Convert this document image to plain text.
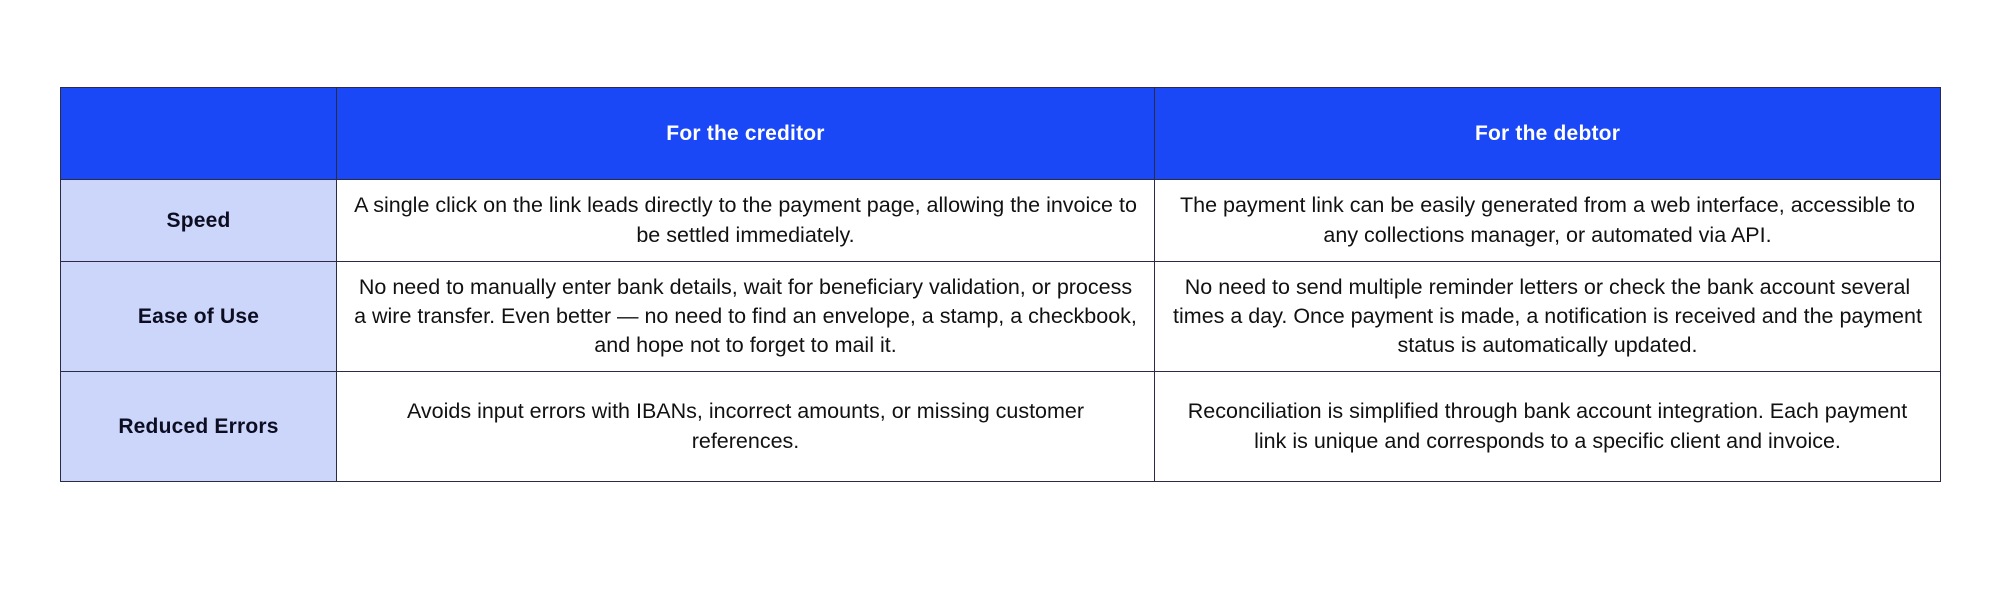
	For the creditor	For the debtor
Speed	A single click on the link leads directly to the payment page, allowing the invoice to be settled immediately.	The payment link can be easily generated from a web interface, accessible to any collections manager, or automated via API.
Ease of Use	No need to manually enter bank details, wait for beneficiary validation, or process a wire transfer. Even better — no need to find an envelope, a stamp, a checkbook, and hope not to forget to mail it.	No need to send multiple reminder letters or check the bank account several times a day. Once payment is made, a notification is received and the payment status is automatically updated.
Reduced Errors	Avoids input errors with IBANs, incorrect amounts, or missing customer references.	Reconciliation is simplified through bank account integration. Each payment link is unique and corresponds to a specific client and invoice.
